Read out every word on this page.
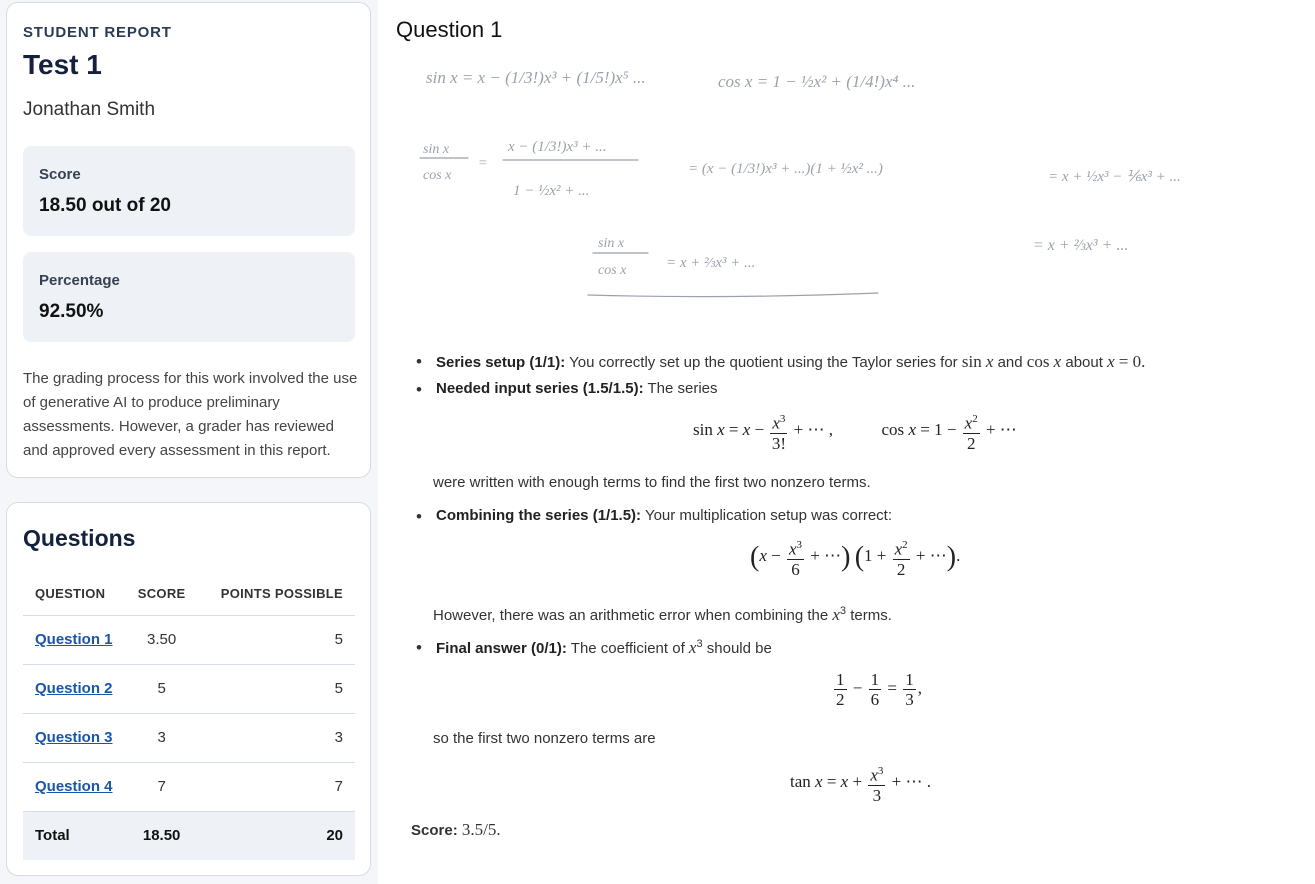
STUDENT REPORT
Test 1
Jonathan Smith
Score
18.50 out of 20
Percentage
92.50%
The grading process for this work involved the use of generative AI to produce preliminary assessments. However, a grader has reviewed and approved every assessment in this report.
Questions
QUESTION	SCORE	POINTS POSSIBLE
Question 1	3.50	5
Question 2	5	5
Question 3	3	3
Question 4	7	7
Total	18.50	20
Question 1
sin x = x − (1/3!)x³ + (1/5!)x⁵ ...	cos x = 1 − ½x² + (1/4!)x⁴ ...
sin x
cos x
=
x − (1/3!)x³ + ...
1 − ½x² + ...
= (x − (1/3!)x³ + ...)(1 + ½x² ...)	= x + ½x³ − ⅙x³ + ...
sin x
cos x	= x + ⅔x³ + ...
= x + ⅔x³ + ...
• Series setup (1/1): You correctly set up the quotient using the Taylor series for sin x and cos x about x = 0.
• Needed input series (1.5/1.5): The series
$\sin x = x - \frac{x^3}{3!}$ + ⋯ ,	$\cos x = 1 - \frac{x^2}{2}$ + ⋯
were written with enough terms to find the first two nonzero terms.
• Combining the series (1/1.5): Your multiplication setup was correct:
($x - \frac{x^3}{6}$ + ⋯) ($1 + \frac{x^2}{2}$ + ⋯).
However, there was an arithmetic error when combining the $x^3$ terms.
• Final answer (0/1): The coefficient of $x^3$ should be
$\frac{1}{2} - \frac{1}{6} = \frac{1}{3}$ ,
so the first two nonzero terms are
$\tan x = x + \frac{x^3}{3}$ + ⋯ .
Score: 3.5/5.
